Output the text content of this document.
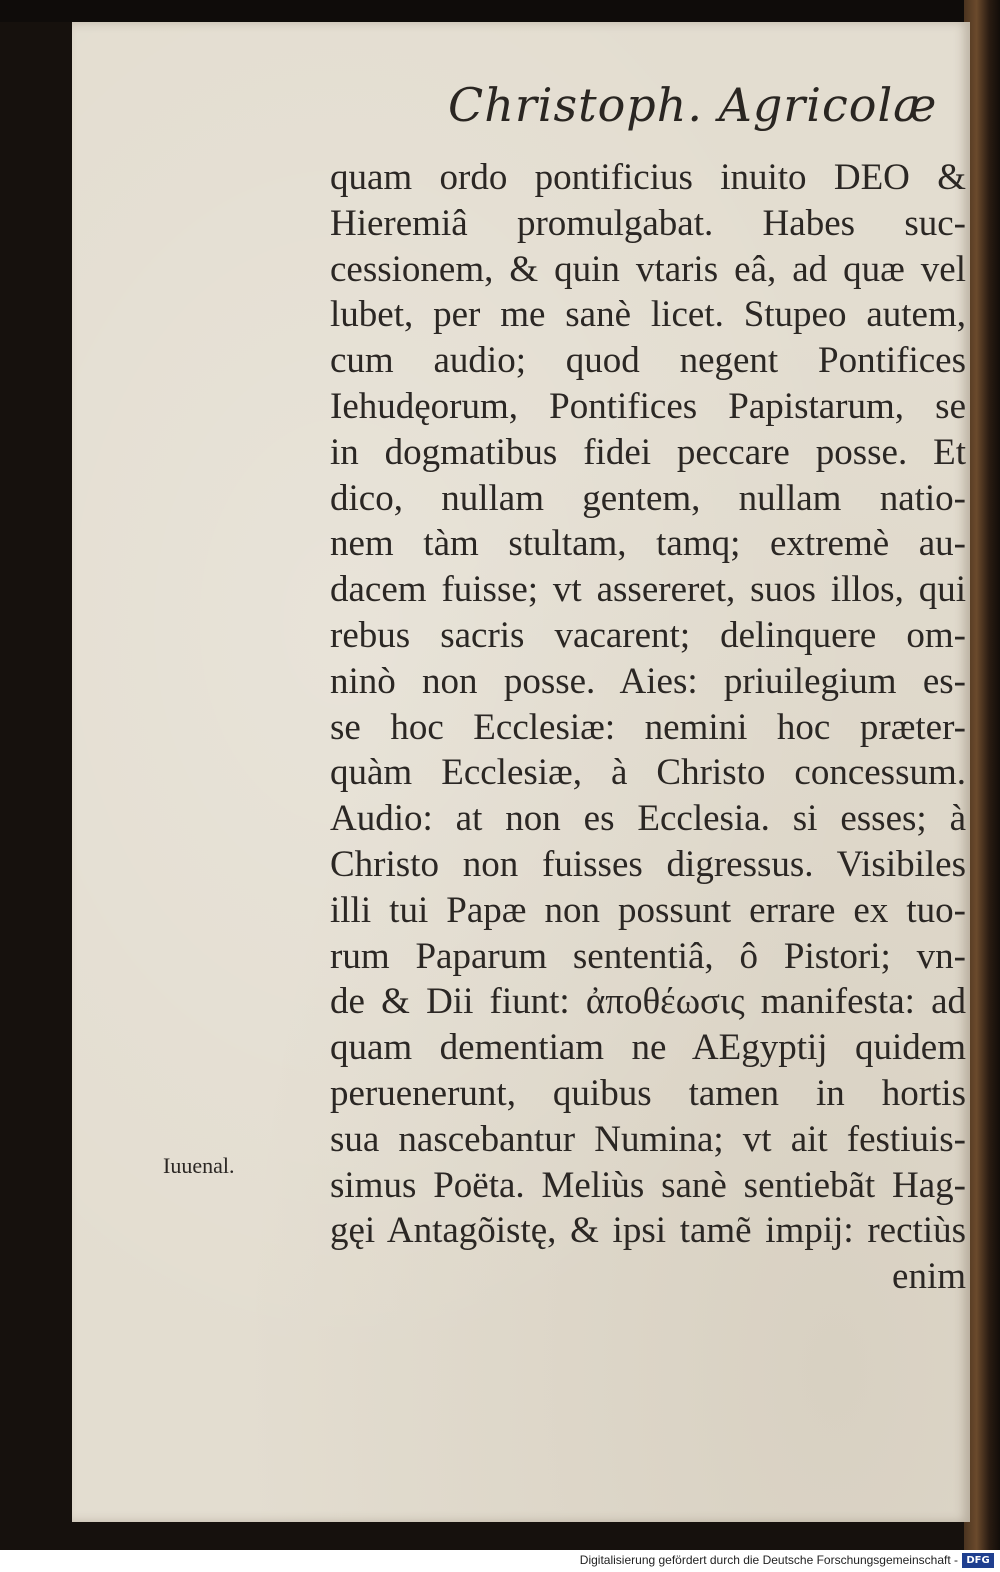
Christoph. Agricolæ
quam ordo pontificius inuito DEO &
Hieremiâ promulgabat. Habes suc-
cessionem, & quin vtaris eâ, ad quæ vel
lubet, per me sanè licet. Stupeo autem,
cum audio; quod negent Pontifices
Iehudęorum, Pontifices Papistarum, se
in dogmatibus fidei peccare posse. Et
dico, nullam gentem, nullam natio-
nem tàm stultam, tamq; extremè au-
dacem fuisse; vt assereret, suos illos, qui
rebus sacris vacarent; delinquere om-
ninò non posse. Aies: priuilegium es-
se hoc Ecclesiæ: nemini hoc præter-
quàm Ecclesiæ, à Christo concessum.
Audio: at non es Ecclesia. si esses; à
Christo non fuisses digressus. Visibiles
illi tui Papæ non possunt errare ex tuo-
rum Paparum sententiâ, ô Pistori; vn-
de & Dii fiunt: ἀποθέωσις manifesta: ad
quam dementiam ne AEgyptij quidem
peruenerunt, quibus tamen in hortis
sua nascebantur Numina; vt ait festiuis-
simus Poëta. Meliùs sanè sentiebãt Hag-
gęi Antagõistę, & ipsi tamẽ impij: rectiùs
enim
Iuuenal.
Digitalisierung gefördert durch die Deutsche Forschungsgemeinschaft - DFG
